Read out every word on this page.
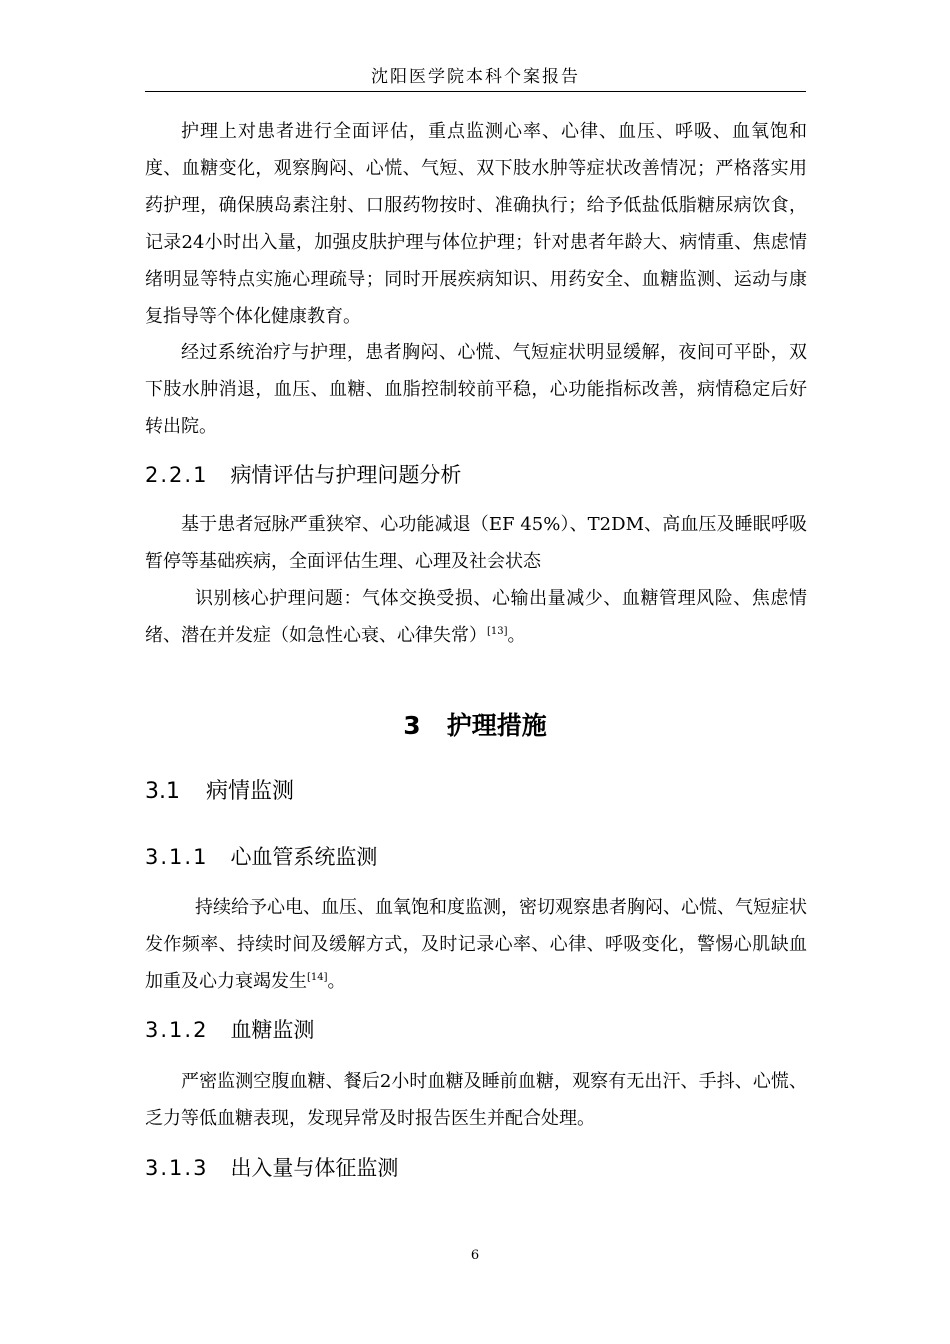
沈阳医学院本科个案报告

护理上对患者进行全面评估，重点监测心率、心律、血压、呼吸、血氧饱和度、血糖变化，观察胸闷、心慌、气短、双下肢水肿等症状改善情况；严格落实用药护理，确保胰岛素注射、口服药物按时、准确执行；给予低盐低脂糖尿病饮食，记录24小时出入量，加强皮肤护理与体位护理；针对患者年龄大、病情重、焦虑情绪明显等特点实施心理疏导；同时开展疾病知识、用药安全、血糖监测、运动与康复指导等个体化健康教育。

经过系统治疗与护理，患者胸闷、心慌、气短症状明显缓解，夜间可平卧，双下肢水肿消退，血压、血糖、血脂控制较前平稳，心功能指标改善，病情稳定后好转出院。

2.2.1 病情评估与护理问题分析

基于患者冠脉严重狭窄、心功能减退（EF 45%）、T2DM、高血压及睡眠呼吸暂停等基础疾病，全面评估生理、心理及社会状态

识别核心护理问题：气体交换受损、心输出量减少、血糖管理风险、焦虑情绪、潜在并发症（如急性心衰、心律失常）[13]。

3 护理措施
3.1 病情监测
3.1.1 心血管系统监测

持续给予心电、血压、血氧饱和度监测，密切观察患者胸闷、心慌、气短症状发作频率、持续时间及缓解方式，及时记录心率、心律、呼吸变化，警惕心肌缺血加重及心力衰竭发生[14]。

3.1.2 血糖监测

严密监测空腹血糖、餐后2小时血糖及睡前血糖，观察有无出汗、手抖、心慌、乏力等低血糖表现，发现异常及时报告医生并配合处理。

3.1.3 出入量与体征监测
6
